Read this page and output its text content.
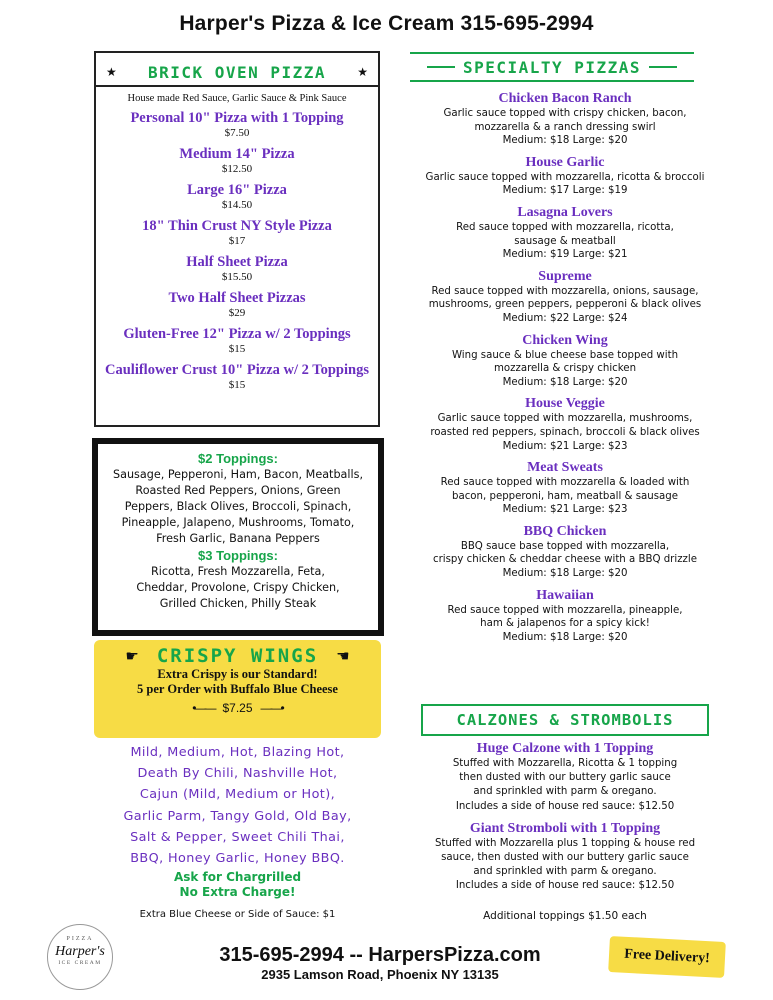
Harper's Pizza & Ice Cream 315-695-2994
★ BRICK OVEN PIZZA	★
House made Red Sauce, Garlic Sauce & Pink Sauce
Personal 10" Pizza with 1 Topping
$7.50
Medium 14" Pizza
$12.50
Large 16" Pizza
$14.50
18" Thin Crust NY Style Pizza
$17
Half Sheet Pizza
$15.50
Two Half Sheet Pizzas
$29
Gluten-Free 12" Pizza w/ 2 Toppings
$15
Cauliflower Crust 10" Pizza w/ 2 Toppings
$15
$2 Toppings:
Sausage, Pepperoni, Ham, Bacon, Meatballs,
Roasted Red Peppers, Onions, Green
Peppers, Black Olives, Broccoli, Spinach,
Pineapple, Jalapeno, Mushrooms, Tomato,
Fresh Garlic, Banana Peppers
$3 Toppings:
Ricotta, Fresh Mozzarella, Feta,
Cheddar, Provolone, Crispy Chicken,
Grilled Chicken, Philly Steak
☛ CRISPY WINGS ☚
Extra Crispy is our Standard!
5 per Order with Buffalo Blue Cheese
•—— $7.25 ——•
Mild, Medium, Hot, Blazing Hot,
Death By Chili, Nashville Hot,
Cajun (Mild, Medium or Hot),
Garlic Parm, Tangy Gold, Old Bay,
Salt & Pepper, Sweet Chili Thai,
BBQ, Honey Garlic, Honey BBQ.
Ask for Chargrilled
No Extra Charge!
Extra Blue Cheese or Side of Sauce: $1
SPECIALTY PIZZAS
Chicken Bacon Ranch
Garlic sauce topped with crispy chicken, bacon,
mozzarella & a ranch dressing swirl
Medium: $18 Large: $20
House Garlic
Garlic sauce topped with mozzarella, ricotta & broccoli
Medium: $17 Large: $19
Lasagna Lovers
Red sauce topped with mozzarella, ricotta,
sausage & meatball
Medium: $19 Large: $21
Supreme
Red sauce topped with mozzarella, onions, sausage,
mushrooms, green peppers, pepperoni & black olives
Medium: $22 Large: $24
Chicken Wing
Wing sauce & blue cheese base topped with
mozzarella & crispy chicken
Medium: $18 Large: $20
House Veggie
Garlic sauce topped with mozzarella, mushrooms,
roasted red peppers, spinach, broccoli & black olives
Medium: $21 Large: $23
Meat Sweats
Red sauce topped with mozzarella & loaded with
bacon, pepperoni, ham, meatball & sausage
Medium: $21 Large: $23
BBQ Chicken
BBQ sauce base topped with mozzarella,
crispy chicken & cheddar cheese with a BBQ drizzle
Medium: $18 Large: $20
Hawaiian
Red sauce topped with mozzarella, pineapple,
ham & jalapenos for a spicy kick!
Medium: $18 Large: $20
CALZONES & STROMBOLIS
Huge Calzone with 1 Topping
Stuffed with Mozzarella, Ricotta & 1 topping
then dusted with our buttery garlic sauce
and sprinkled with parm & oregano.
Includes a side of house red sauce: $12.50
Giant Stromboli with 1 Topping
Stuffed with Mozzarella plus 1 topping & house red
sauce, then dusted with our buttery garlic sauce
and sprinkled with parm & oregano.
Includes a side of house red sauce: $12.50
Additional toppings $1.50 each
PIZZA
Harper's
ICE CREAM	315-695-2994 -- HarpersPizza.com
2935 Lamson Road, Phoenix NY 13135
Free Delivery!
